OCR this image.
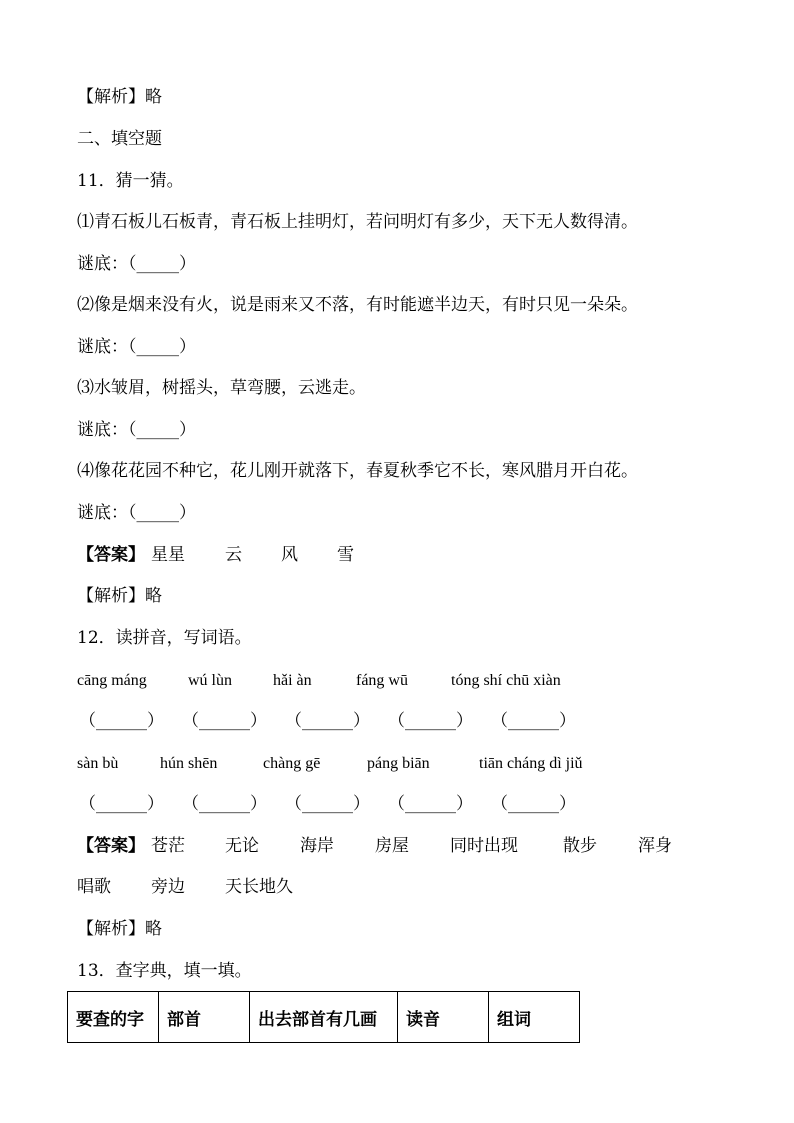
【解析】略
二、填空题
11．猜一猜。
⑴青石板儿石板青，青石板上挂明灯，若问明灯有多少，天下无人数得清。
谜底：（_____）
⑵像是烟来没有火，说是雨来又不落，有时能遮半边天，有时只见一朵朵。
谜底：（_____）
⑶水皱眉，树摇头，草弯腰，云逃走。
谜底：（_____）
⑷像花花园不种它，花儿刚开就落下，春夏秋季它不长，寒风腊月开白花。
谜底：（_____）
【答案】 星星 云 风 雪
【解析】略
12．读拼音，写词语。
cāng máng	wú lùn	hǎi àn	fáng wū	tóng shí chū xiàn
（______） （______） （______） （______） （______）
sàn bù	hún shēn	chàng gē	páng biān	tiān cháng dì jiǔ
（______） （______） （______） （______） （______）
【答案】 苍茫 无论 海岸 房屋 同时出现	散步 浑身
唱歌 旁边 天长地久
【解析】略
13．查字典，填一填。
要查的字	部首	出去部首有几画	读音	组词
